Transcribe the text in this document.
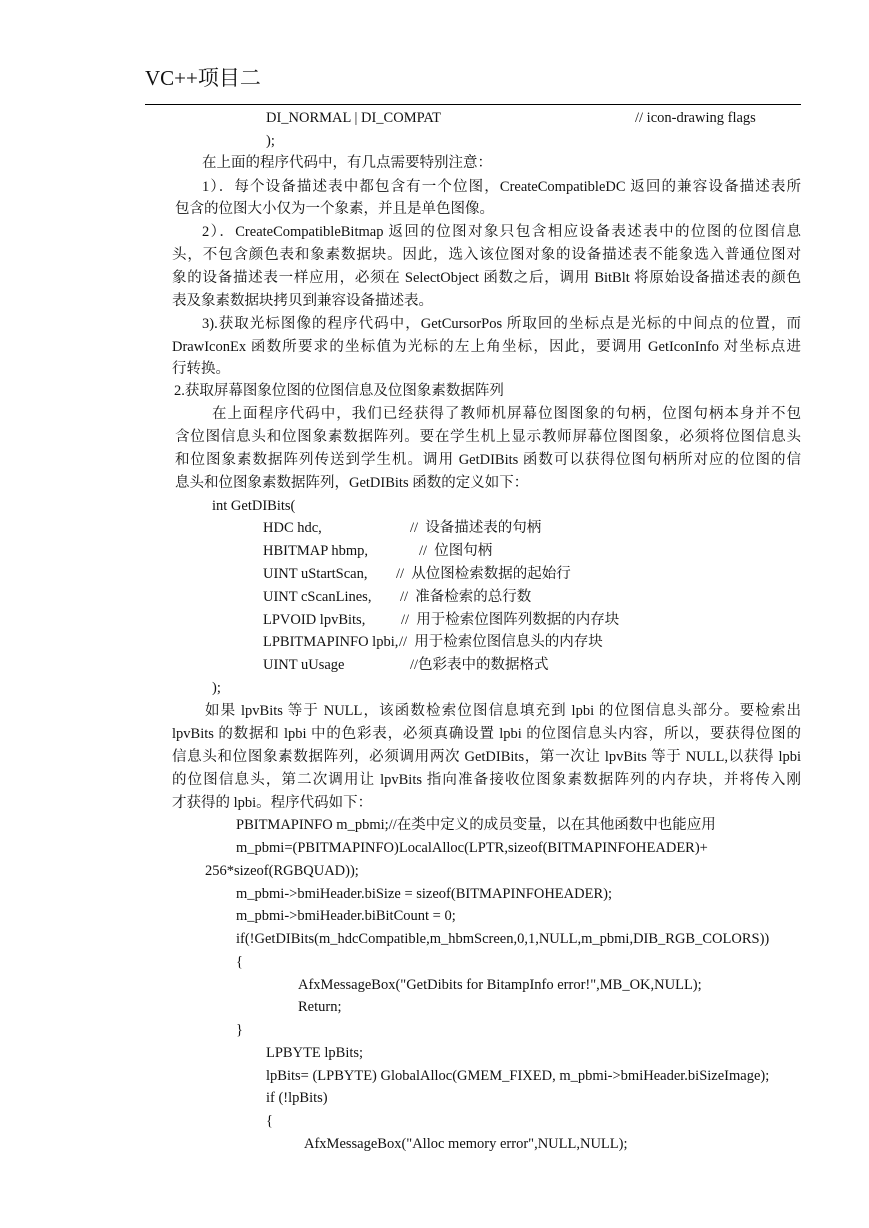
VC++项目二
DI_NORMAL | DI_COMPAT	// icon-drawing flags
);
在上面的程序代码中，有几点需要特别注意：
1）．每个设备描述表中都包含有一个位图，CreateCompatibleDC 返回的兼容设备描述表所
包含的位图大小仅为一个象素，并且是单色图像。
2）．CreateCompatibleBitmap 返回的位图对象只包含相应设备表述表中的位图的位图信息
头，不包含颜色表和象素数据块。因此，选入该位图对象的设备描述表不能象选入普通位图对
象的设备描述表一样应用，必须在 SelectObject 函数之后，调用 BitBlt 将原始设备描述表的颜色
表及象素数据块拷贝到兼容设备描述表。
3).获取光标图像的程序代码中，GetCursorPos 所取回的坐标点是光标的中间点的位置，而
DrawIconEx 函数所要求的坐标值为光标的左上角坐标，因此，要调用 GetIconInfo 对坐标点进
行转换。
2.获取屏幕图象位图的位图信息及位图象素数据阵列
在上面程序代码中，我们已经获得了教师机屏幕位图图象的句柄，位图句柄本身并不包
含位图信息头和位图象素数据阵列。要在学生机上显示教师屏幕位图图象，必须将位图信息头
和位图象素数据阵列传送到学生机。调用 GetDIBits 函数可以获得位图句柄所对应的位图的信
息头和位图象素数据阵列，GetDIBits 函数的定义如下：
int GetDIBits(
HDC hdc,	//  设备描述表的句柄
HBITMAP hbmp,	//  位图句柄
UINT uStartScan, //  从位图检索数据的起始行
UINT cScanLines, //  准备检索的总行数
LPVOID lpvBits, //  用于检索位图阵列数据的内存块
LPBITMAPINFO lpbi, //  用于检索位图信息头的内存块
UINT uUsage	//色彩表中的数据格式
);
如果 lpvBits 等于 NULL，该函数检索位图信息填充到 lpbi 的位图信息头部分。要检索出
lpvBits 的数据和 lpbi 中的色彩表，必须真确设置 lpbi 的位图信息头内容，所以，要获得位图的
信息头和位图象素数据阵列，必须调用两次 GetDIBits，第一次让 lpvBits 等于 NULL,以获得 lpbi
的位图信息头，第二次调用让 lpvBits 指向准备接收位图象素数据阵列的内存块，并将传入刚
才获得的 lpbi。程序代码如下：
PBITMAPINFO m_pbmi;//在类中定义的成员变量，以在其他函数中也能应用
m_pbmi=(PBITMAPINFO)LocalAlloc(LPTR,sizeof(BITMAPINFOHEADER)+
256*sizeof(RGBQUAD));
m_pbmi->bmiHeader.biSize = sizeof(BITMAPINFOHEADER);
m_pbmi->bmiHeader.biBitCount = 0;
if(!GetDIBits(m_hdcCompatible,m_hbmScreen,0,1,NULL,m_pbmi,DIB_RGB_COLORS))
{
AfxMessageBox("GetDibits for BitampInfo error!",MB_OK,NULL);
Return;
}
LPBYTE lpBits;
lpBits= (LPBYTE) GlobalAlloc(GMEM_FIXED, m_pbmi->bmiHeader.biSizeImage);
if (!lpBits)
{
AfxMessageBox("Alloc memory error",NULL,NULL);
